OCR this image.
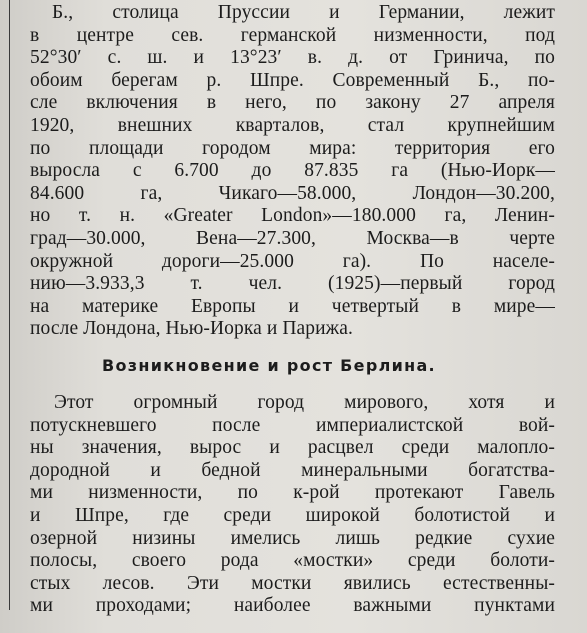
Б., столица Пруссии и Германии, лежит
в центре сев. германской низменности, под
52°30′ с. ш. и 13°23′ в. д. от Гринича, по
обоим берегам р. Шпре. Современный Б., по-
сле включения в него, по закону 27 апреля
1920, внешних кварталов, стал крупнейшим
по площади городом мира: территория его
выросла с 6.700 до 87.835 га (Нью-Иорк—
84.600 га, Чикаго—58.000, Лондон—30.200,
но т. н. «Greater London»—180.000 га, Ленин-
град—30.000, Вена—27.300, Москва—в черте
окружной дороги—25.000 га). По населе-
нию—3.933,3 т. чел. (1925)—первый город
на материке Европы и четвертый в мире—
после Лондона, Нью-Иорка и Парижа.
Возникновение и рост Берлина.
Этот огромный город мирового, хотя и
потускневшего после империалистской вой-
ны значения, вырос и расцвел среди малопло-
дородной и бедной минеральными богатства-
ми низменности, по к-рой протекают Гавель
и Шпре, где среди широкой болотистой и
озерной низины имелись лишь редкие сухие
полосы, своего рода «мостки» среди болоти-
стых лесов. Эти мостки явились естественны-
ми проходами; наиболее важными пунктами
